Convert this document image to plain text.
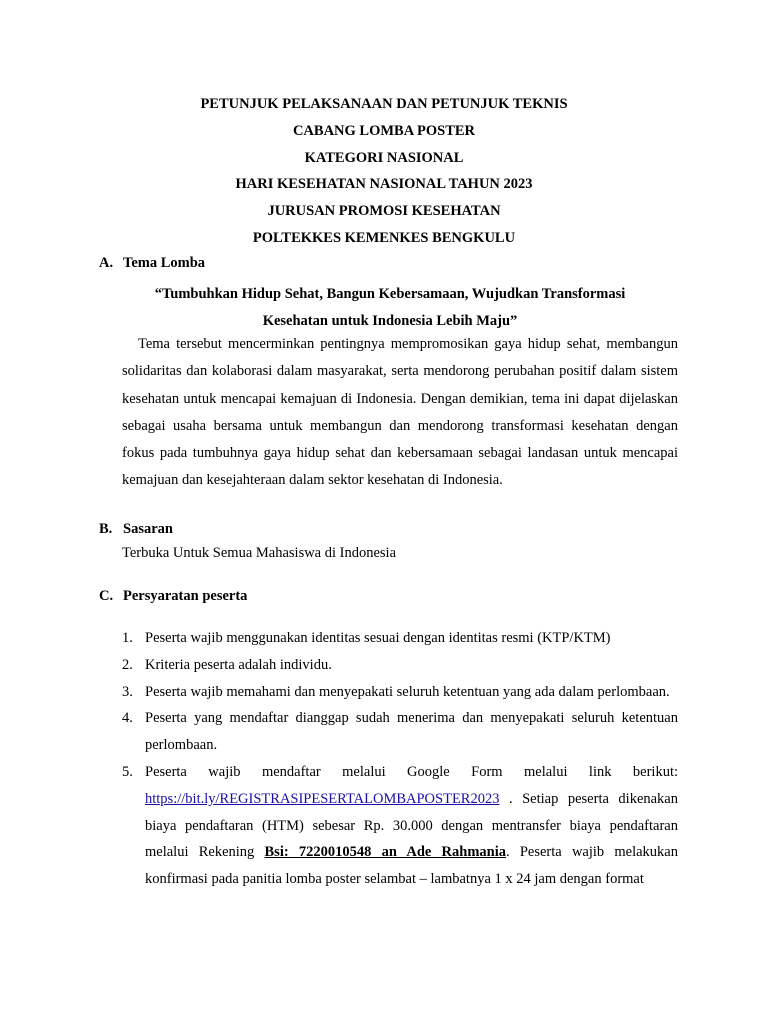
PETUNJUK PELAKSANAAN DAN PETUNJUK TEKNIS
CABANG LOMBA POSTER
KATEGORI NASIONAL
HARI KESEHATAN NASIONAL TAHUN 2023
JURUSAN PROMOSI KESEHATAN
POLTEKKES KEMENKES BENGKULU
A. Tema Lomba
“Tumbuhkan Hidup Sehat, Bangun Kebersamaan, Wujudkan Transformasi
Kesehatan untuk Indonesia Lebih Maju”
Tema tersebut mencerminkan pentingnya mempromosikan gaya hidup sehat, membangun solidaritas dan kolaborasi dalam masyarakat, serta mendorong perubahan positif dalam sistem kesehatan untuk mencapai kemajuan di Indonesia. Dengan demikian, tema ini dapat dijelaskan sebagai usaha bersama untuk membangun dan mendorong transformasi kesehatan dengan fokus pada tumbuhnya gaya hidup sehat dan kebersamaan sebagai landasan untuk mencapai kemajuan dan kesejahteraan dalam sektor kesehatan di Indonesia.
B. Sasaran
Terbuka Untuk Semua Mahasiswa di Indonesia
C. Persyaratan peserta
1. Peserta wajib menggunakan identitas sesuai dengan identitas resmi (KTP/KTM)
2. Kriteria peserta adalah individu.
3. Peserta wajib memahami dan menyepakati seluruh ketentuan yang ada dalam perlombaan.
4. Peserta yang mendaftar dianggap sudah menerima dan menyepakati seluruh ketentuan perlombaan.
5. Peserta wajib mendaftar melalui Google Form melalui link berikut: https://bit.ly/REGISTRASIPESERTALOMBAPOSTER2023 . Setiap peserta dikenakan biaya pendaftaran (HTM) sebesar Rp. 30.000 dengan mentransfer biaya pendaftaran melalui Rekening Bsi: 7220010548 an Ade Rahmania. Peserta wajib melakukan konfirmasi pada panitia lomba poster selambat – lambatnya 1 x 24 jam dengan format
